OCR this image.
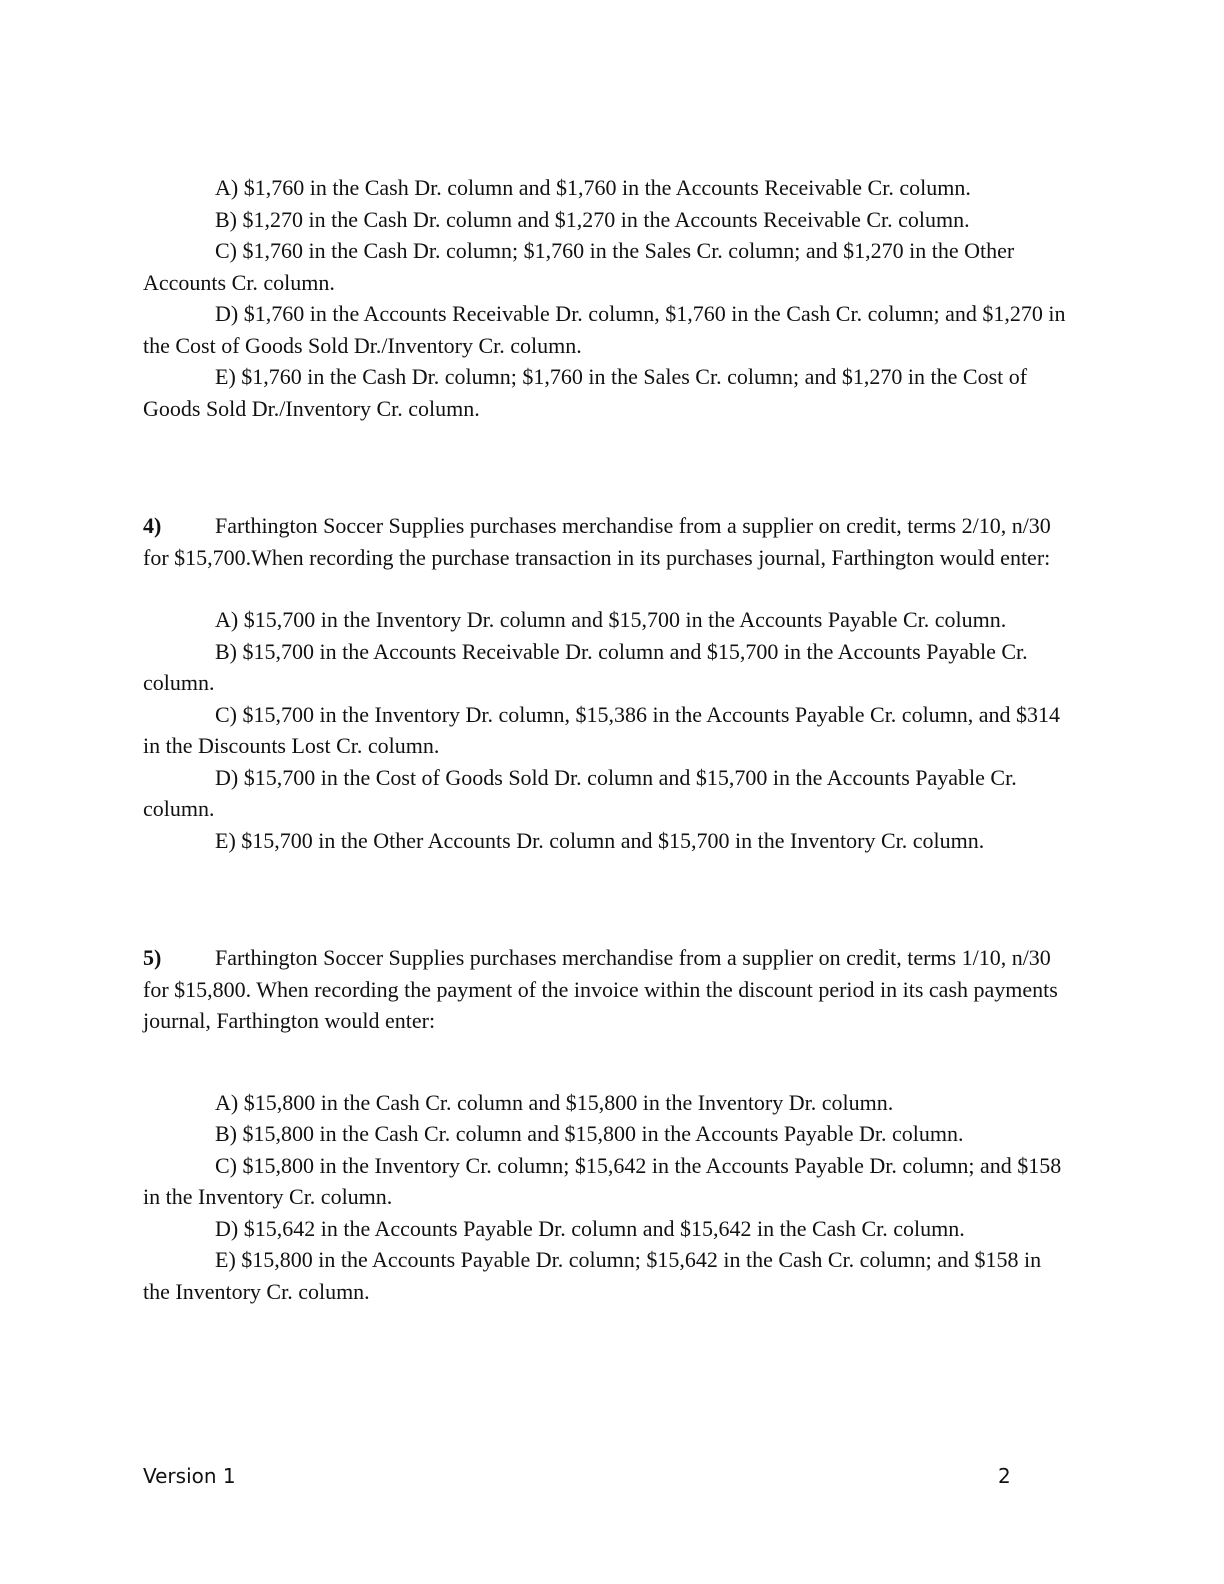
A) $1,760 in the Cash Dr. column and $1,760 in the Accounts Receivable Cr. column.

B) $1,270 in the Cash Dr. column and $1,270 in the Accounts Receivable Cr. column.

C) $1,760 in the Cash Dr. column; $1,760 in the Sales Cr. column; and $1,270 in the Other Accounts Cr. column.

D) $1,760 in the Accounts Receivable Dr. column, $1,760 in the Cash Cr. column; and $1,270 in the Cost of Goods Sold Dr./Inventory Cr. column.

E) $1,760 in the Cash Dr. column; $1,760 in the Sales Cr. column; and $1,270 in the Cost of Goods Sold Dr./Inventory Cr. column.

4) Farthington Soccer Supplies purchases merchandise from a supplier on credit, terms 2/10, n/30 for $15,700.When recording the purchase transaction in its purchases journal, Farthington would enter:

A) $15,700 in the Inventory Dr. column and $15,700 in the Accounts Payable Cr. column.

B) $15,700 in the Accounts Receivable Dr. column and $15,700 in the Accounts Payable Cr. column.

C) $15,700 in the Inventory Dr. column, $15,386 in the Accounts Payable Cr. column, and $314 in the Discounts Lost Cr. column.

D) $15,700 in the Cost of Goods Sold Dr. column and $15,700 in the Accounts Payable Cr. column.

E) $15,700 in the Other Accounts Dr. column and $15,700 in the Inventory Cr. column.

5) Farthington Soccer Supplies purchases merchandise from a supplier on credit, terms 1/10, n/30 for $15,800. When recording the payment of the invoice within the discount period in its cash payments journal, Farthington would enter:

A) $15,800 in the Cash Cr. column and $15,800 in the Inventory Dr. column.

B) $15,800 in the Cash Cr. column and $15,800 in the Accounts Payable Dr. column.

C) $15,800 in the Inventory Cr. column; $15,642 in the Accounts Payable Dr. column; and $158 in the Inventory Cr. column.

D) $15,642 in the Accounts Payable Dr. column and $15,642 in the Cash Cr. column.

E) $15,800 in the Accounts Payable Dr. column; $15,642 in the Cash Cr. column; and $158 in the Inventory Cr. column.

Version 1	2
